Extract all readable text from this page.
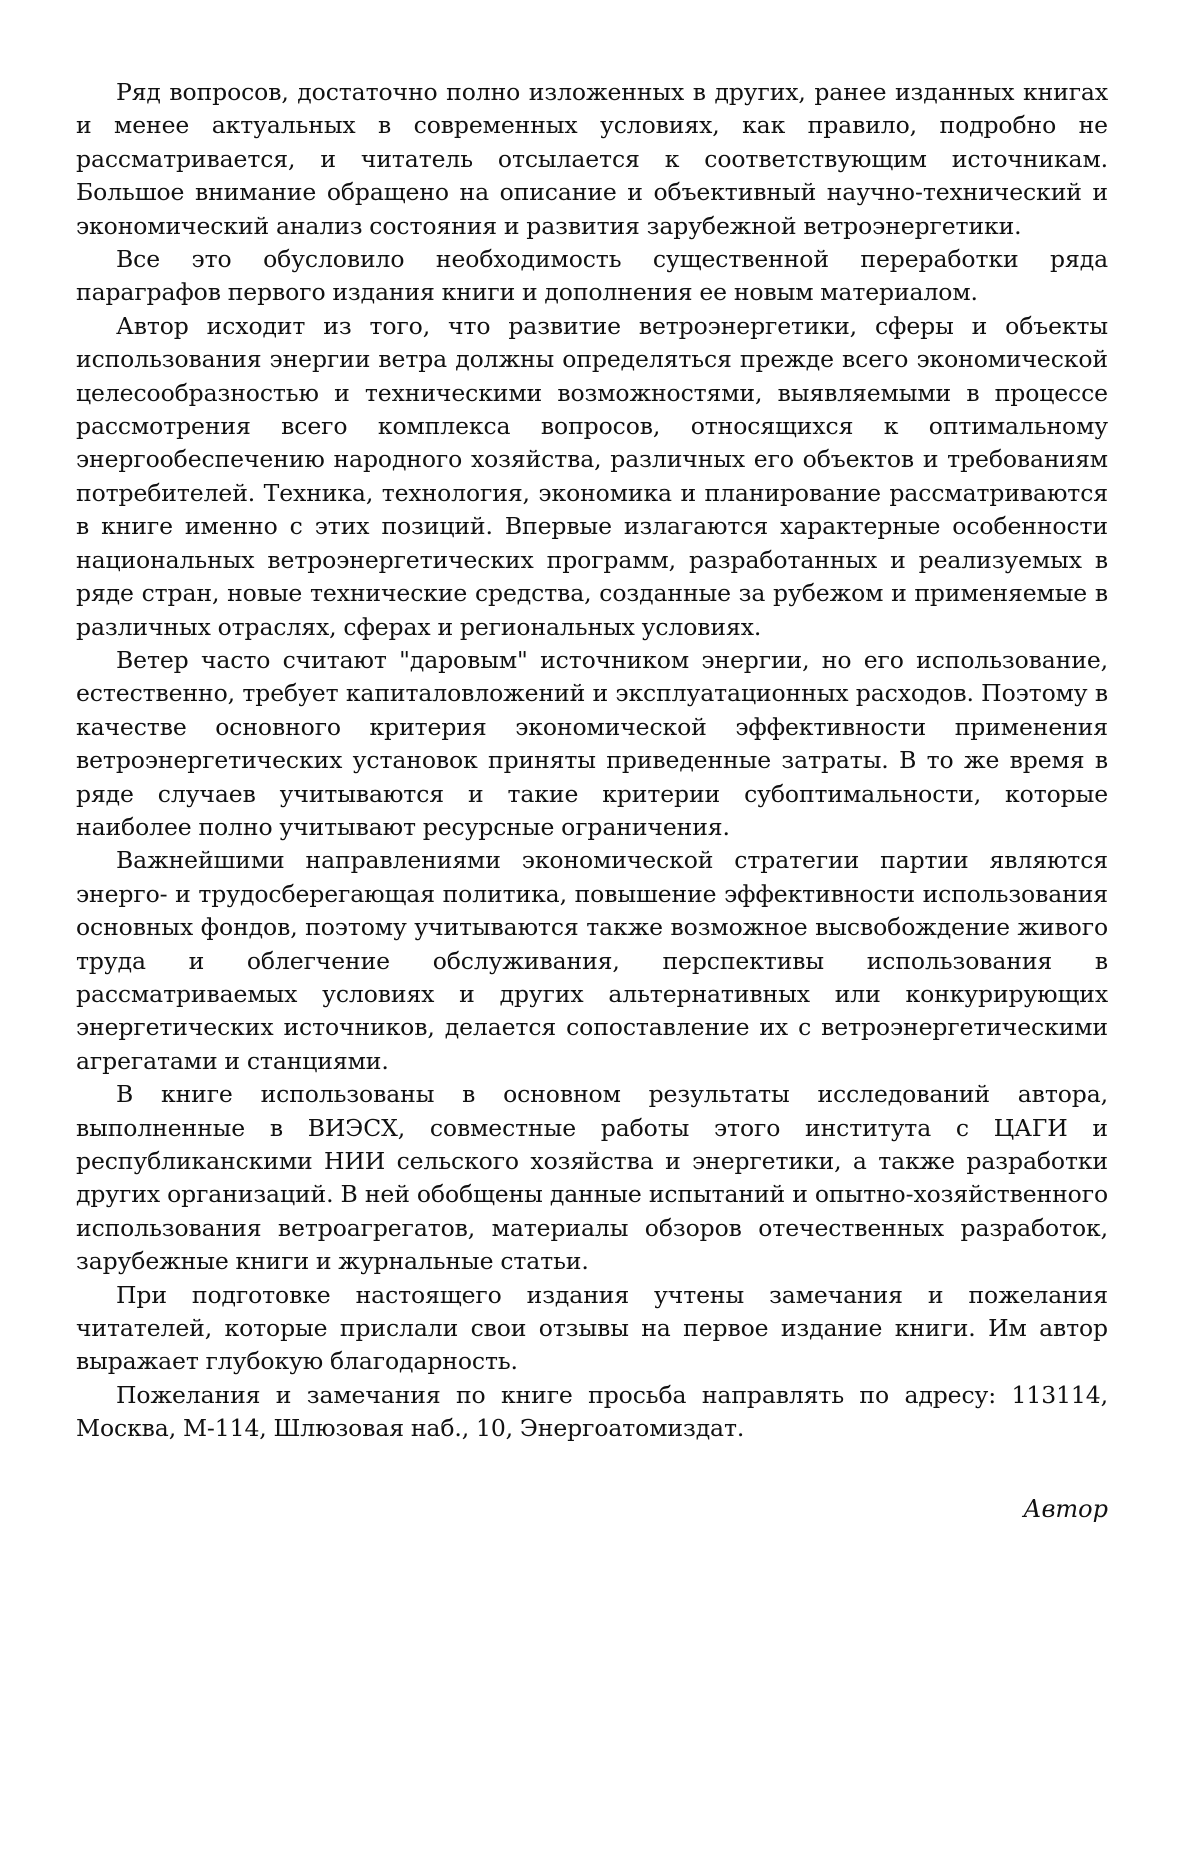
Ряд вопросов, достаточно полно изложенных в других, ранее изданных книгах и менее актуальных в современных условиях, как правило, подробно не рассматривается, и читатель отсылается к соответствующим источникам. Большое внимание обращено на описание и объективный научно-технический и экономический анализ состояния и развития зарубежной ветроэнергетики.

Все это обусловило необходимость существенной переработки ряда параграфов первого издания книги и дополнения ее новым материалом.

Автор исходит из того, что развитие ветроэнергетики, сферы и объекты использования энергии ветра должны определяться прежде всего экономической целесообразностью и техническими возможностями, выявляемыми в процессе рассмотрения всего комплекса вопросов, относящихся к оптимальному энергообеспечению народного хозяйства, различных его объектов и требованиям потребителей. Техника, технология, экономика и планирование рассматриваются в книге именно с этих позиций. Впервые излагаются характерные особенности национальных ветроэнергетических программ, разработанных и реализуемых в ряде стран, новые технические средства, созданные за рубежом и применяемые в различных отраслях, сферах и региональных условиях.

Ветер часто считают "даровым" источником энергии, но его использование, естественно, требует капиталовложений и эксплуатационных расходов. Поэтому в качестве основного критерия экономической эффективности применения ветроэнергетических установок приняты приведенные затраты. В то же время в ряде случаев учитываются и такие критерии субоптимальности, которые наиболее полно учитывают ресурсные ограничения.

Важнейшими направлениями экономической стратегии партии являются энерго- и трудосберегающая политика, повышение эффективности использования основных фондов, поэтому учитываются также возможное высвобождение живого труда и облегчение обслуживания, перспективы использования в рассматриваемых условиях и других альтернативных или конкурирующих энергетических источников, делается сопоставление их с ветроэнергетическими агрегатами и станциями.

В книге использованы в основном результаты исследований автора, выполненные в ВИЭСХ, совместные работы этого института с ЦАГИ и республиканскими НИИ сельского хозяйства и энергетики, а также разработки других организаций. В ней обобщены данные испытаний и опытно-хозяйственного использования ветроагрегатов, материалы обзоров отечественных разработок, зарубежные книги и журнальные статьи.

При подготовке настоящего издания учтены замечания и пожелания читателей, которые прислали свои отзывы на первое издание книги. Им автор выражает глубокую благодарность.

Пожелания и замечания по книге просьба направлять по адресу: 113114, Москва, М-114, Шлюзовая наб., 10, Энергоатомиздат.

Автор
